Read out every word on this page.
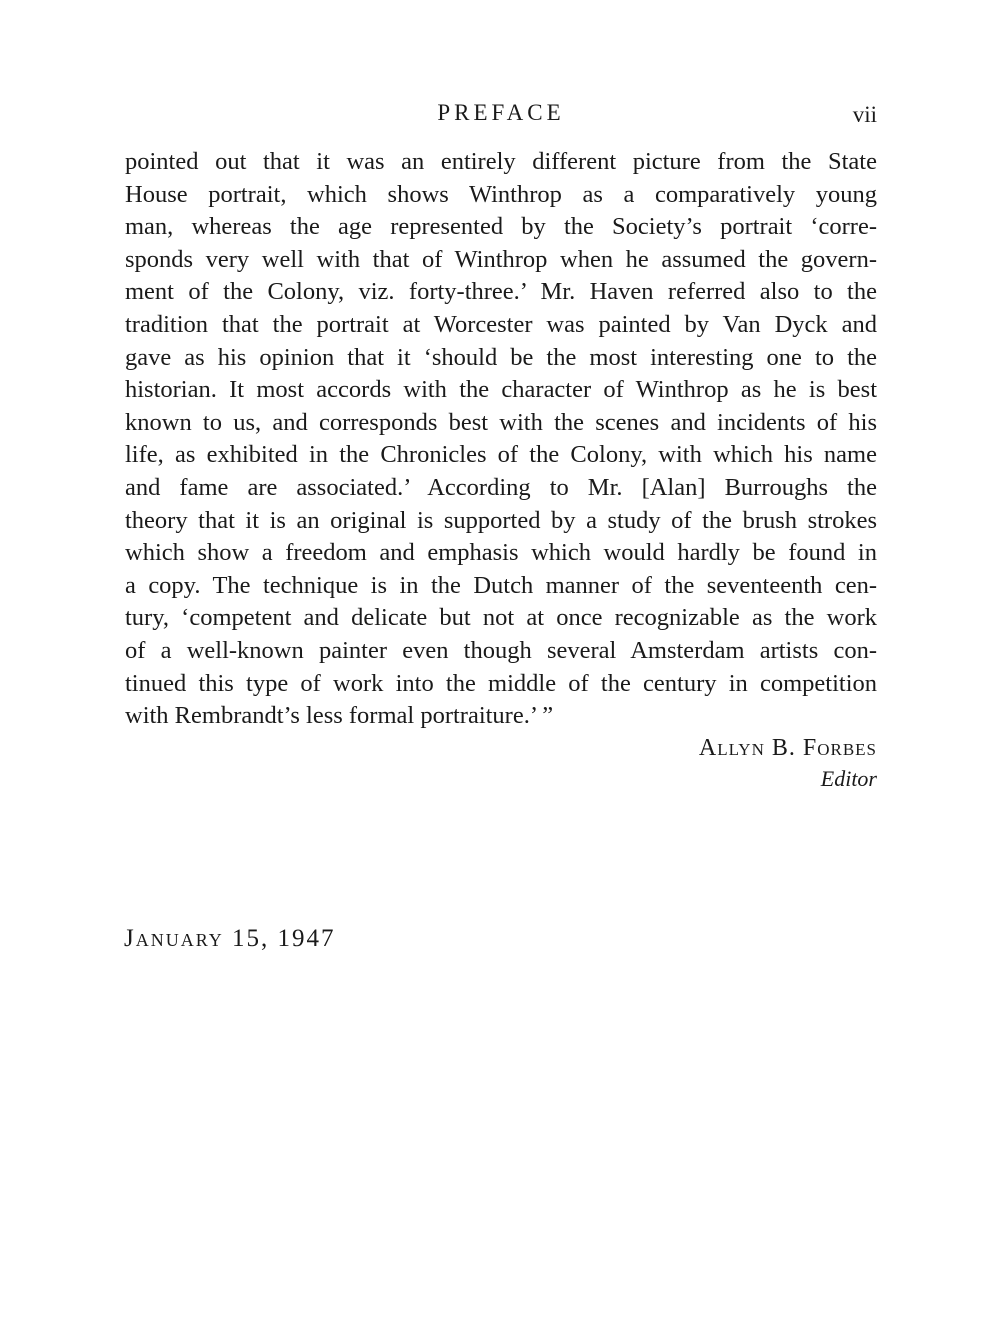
PREFACE	vii
pointed out that it was an entirely different picture from the State
House portrait, which shows Winthrop as a comparatively young
man, whereas the age represented by the Society’s portrait ‘corre-
sponds very well with that of Winthrop when he assumed the govern-
ment of the Colony, viz. forty-three.’ Mr. Haven referred also to the
tradition that the portrait at Worcester was painted by Van Dyck and
gave as his opinion that it ‘should be the most interesting one to the
historian. It most accords with the character of Winthrop as he is best
known to us, and corresponds best with the scenes and incidents of his
life, as exhibited in the Chronicles of the Colony, with which his name
and fame are associated.’ According to Mr. [Alan] Burroughs the
theory that it is an original is supported by a study of the brush strokes
which show a freedom and emphasis which would hardly be found in
a copy. The technique is in the Dutch manner of the seventeenth cen-
tury, ‘competent and delicate but not at once recognizable as the work
of a well-known painter even though several Amsterdam artists con-
tinued this type of work into the middle of the century in competition
with Rembrandt’s less formal portraiture.’ ”
Allyn B. Forbes
Editor
January 15, 1947
